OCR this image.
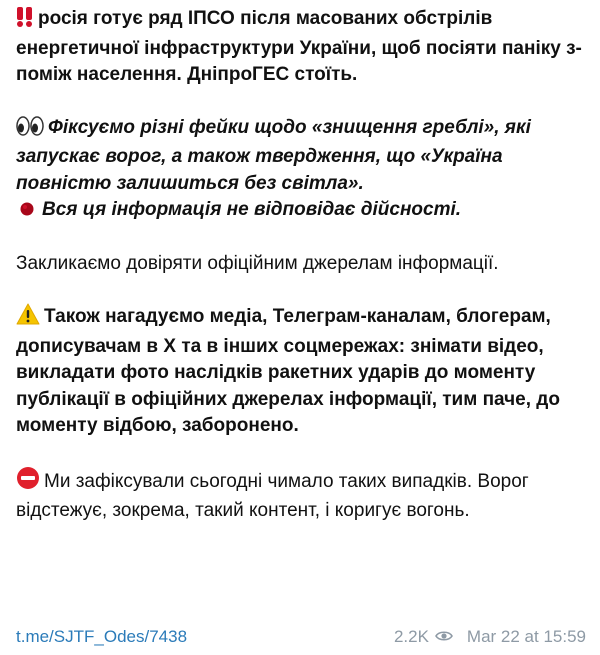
росія готує ряд ІПСО після масованих обстрілів енергетичної інфраструктури України, щоб посіяти паніку з-поміж населення. ДніпроГЕС стоїть.

Фіксуємо різні фейки щодо «знищення греблі», які запускає ворог, а також твердження, що «Україна повністю залишиться без світла».

Вся ця інформація не відповідає дійсності.

Закликаємо довіряти офіційним джерелам інформації.

Також нагадуємо медіа, Телеграм-каналам, блогерам, дописувачам в Х та в інших соцмережах: знімати відео, викладати фото наслідків ракетних ударів до моменту публікації в офіційних джерелах інформації, тим паче, до моменту відбою, заборонено.

Ми зафіксували сьогодні чимало таких випадків. Ворог відстежує, зокрема, такий контент, і коригує вогонь.

t.me/SJTF_Odes/7438	2.2K Mar 22 at 15:59
